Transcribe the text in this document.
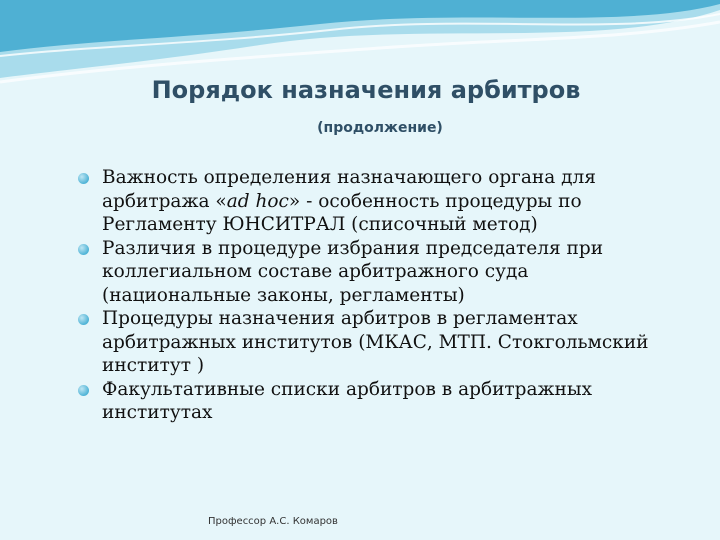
Порядок назначения арбитров
(продолжение)
Важность определения назначающего органа для арбитража «ad hoc» - особенность процедуры по Регламенту ЮНСИТРАЛ (списочный метод)
Различия в процедуре избрания председателя при коллегиальном составе арбитражного суда (национальные законы, регламенты)
Процедуры назначения арбитров в регламентах арбитражных институтов (МКАС, МТП. Стокгольмский институт )
Факультативные списки арбитров в арбитражных институтах
Профессор А.С. Комаров
